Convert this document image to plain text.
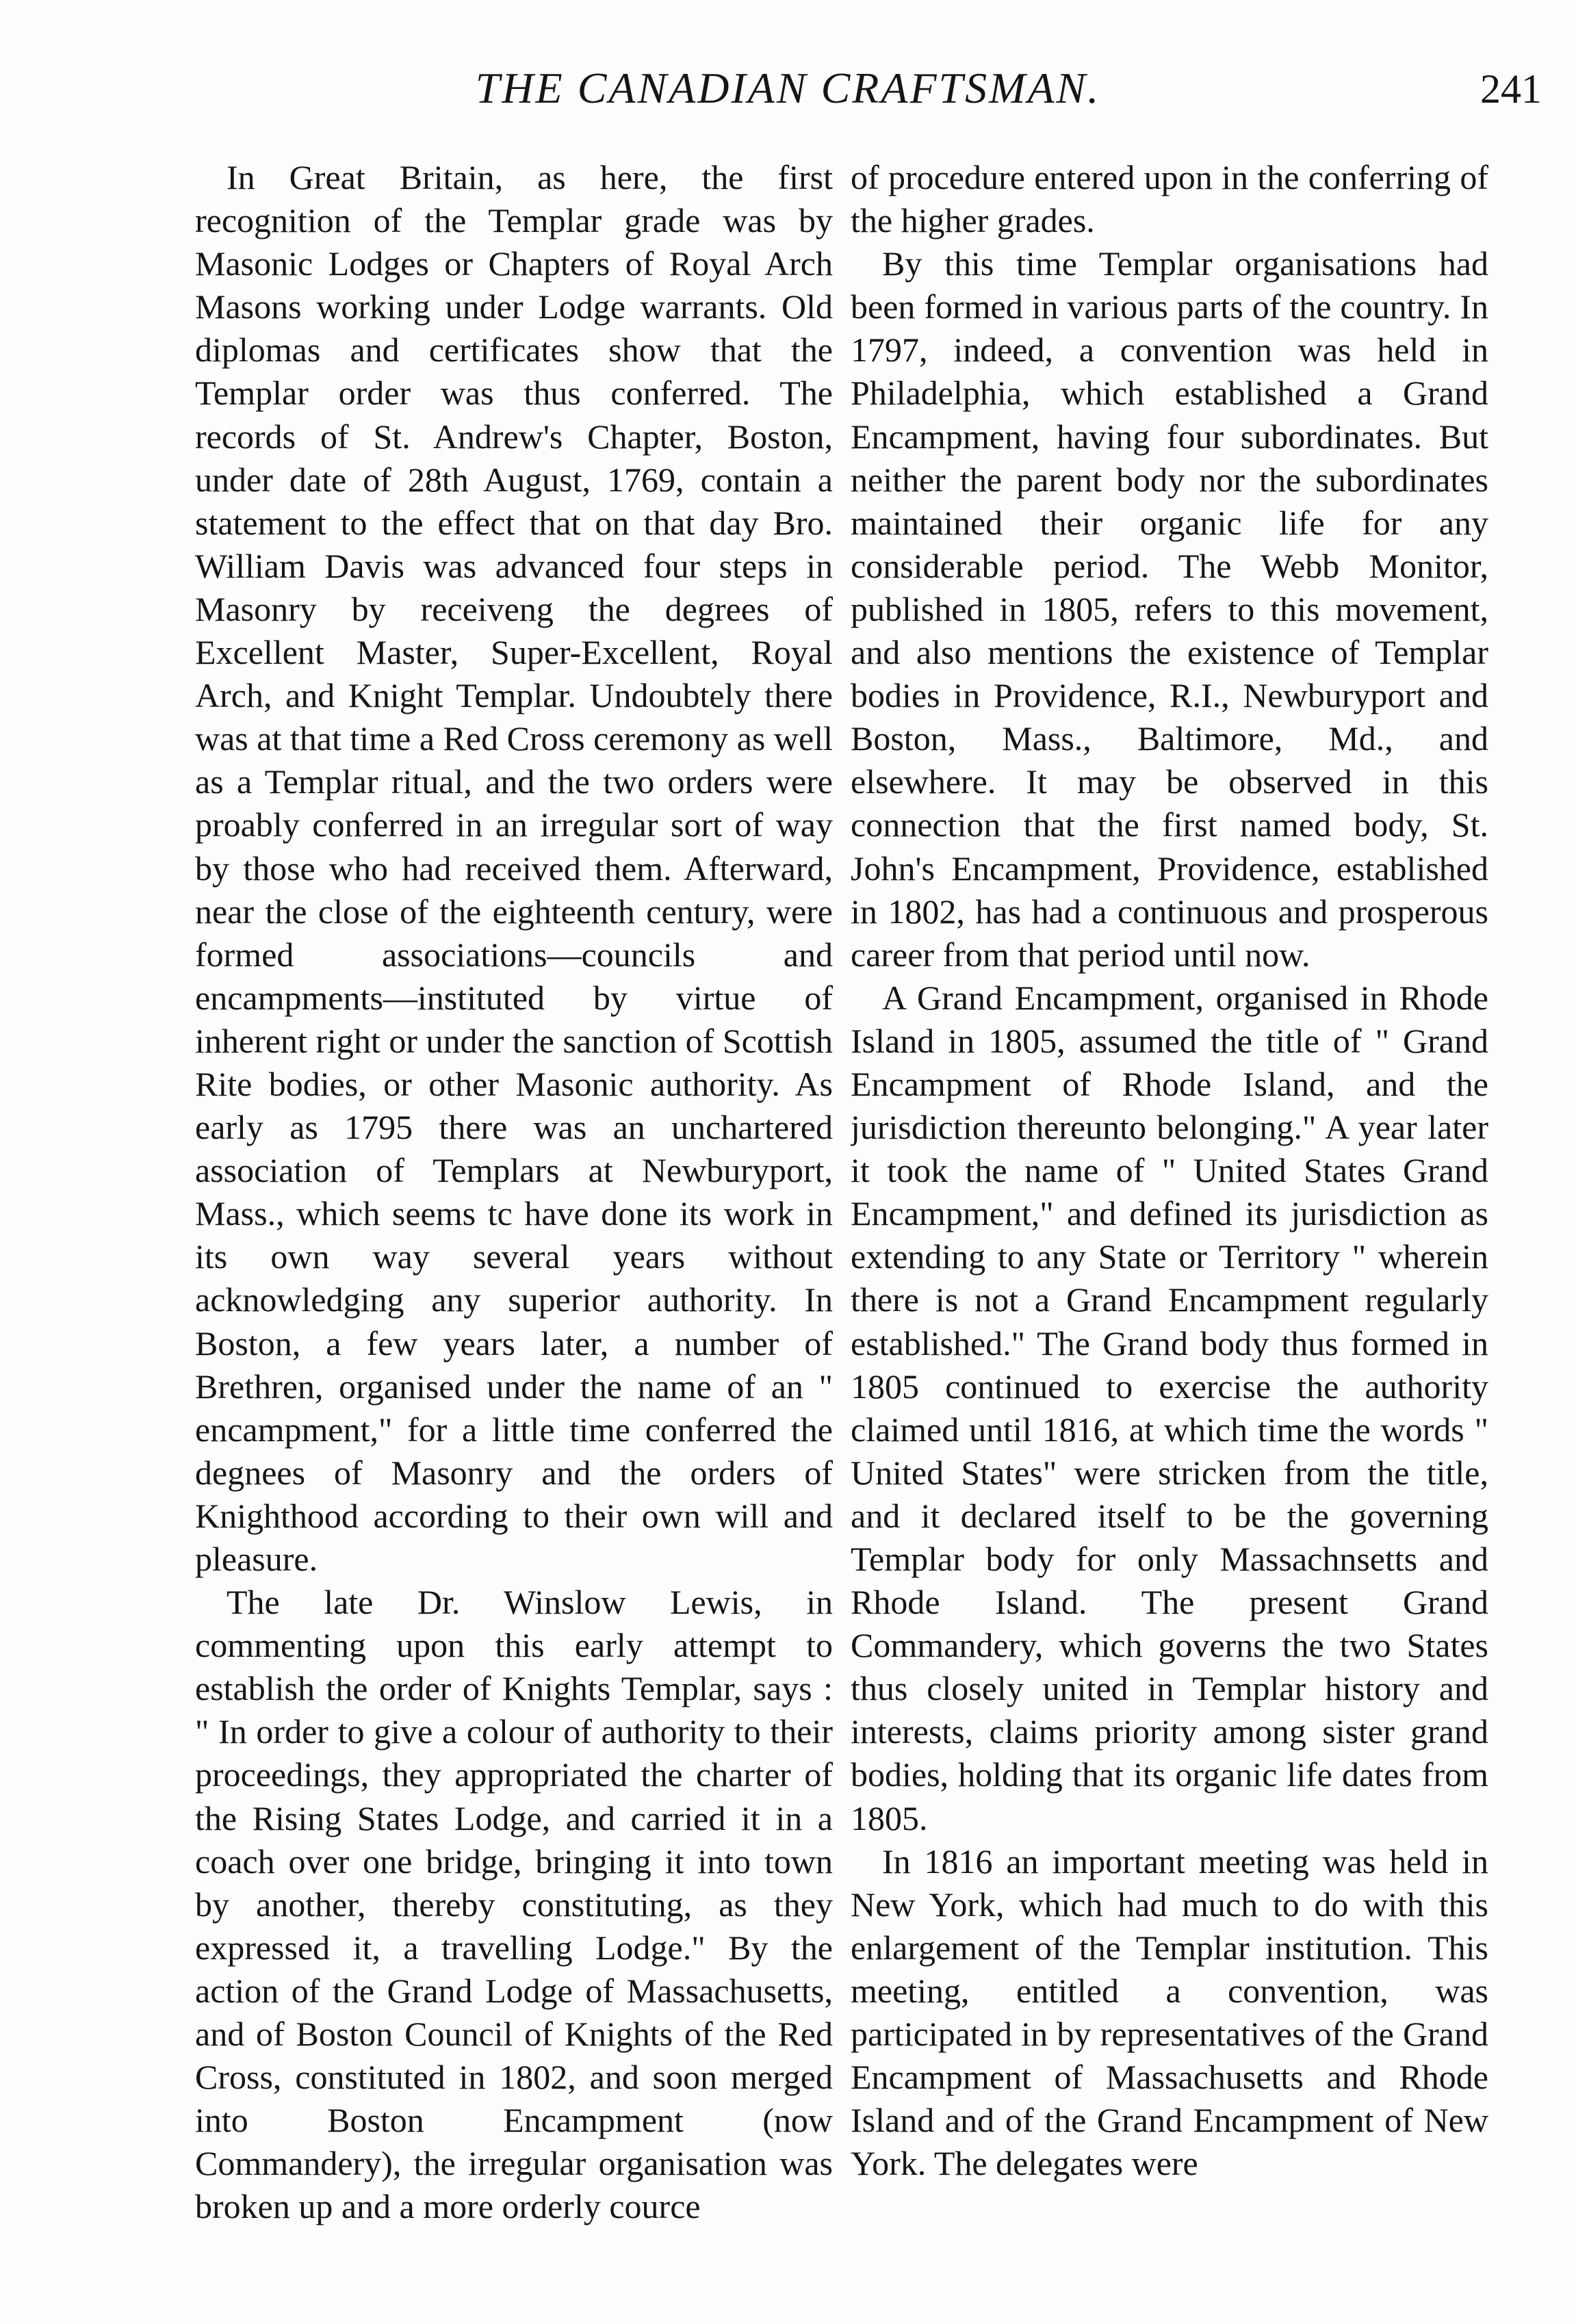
THE CANADIAN CRAFTSMAN.	241

In Great Britain, as here, the first recognition of the Templar grade was by Masonic Lodges or Chapters of Royal Arch Masons working under Lodge warrants. Old diplomas and certificates show that the Templar order was thus conferred. The records of St. Andrew's Chapter, Boston, under date of 28th August, 1769, contain a statement to the effect that on that day Bro. William Davis was advanced four steps in Masonry by receiveng the degrees of Excellent Master, Super-Excellent, Royal Arch, and Knight Templar. Undoubtely there was at that time a Red Cross ceremony as well as a Templar ritual, and the two orders were proably conferred in an irregular sort of way by those who had received them. Afterward, near the close of the eighteenth century, were formed associations—councils and encampments—instituted by virtue of inherent right or under the sanction of Scottish Rite bodies, or other Masonic authority. As early as 1795 there was an unchartered association of Templars at Newburyport, Mass., which seems tc have done its work in its own way several years without acknowledging any superior authority. In Boston, a few years later, a number of Brethren, organised under the name of an " encampment," for a little time conferred the degnees of Masonry and the orders of Knighthood according to their own will and pleasure.

The late Dr. Winslow Lewis, in commenting upon this early attempt to establish the order of Knights Templar, says : " In order to give a colour of authority to their proceedings, they appropriated the charter of the Rising States Lodge, and carried it in a coach over one bridge, bringing it into town by another, thereby constituting, as they expressed it, a travelling Lodge." By the action of the Grand Lodge of Massachusetts, and of Boston Council of Knights of the Red Cross, constituted in 1802, and soon merged into Boston Encampment (now Commandery), the irregular organisation was broken up and a more orderly cource

of procedure entered upon in the conferring of the higher grades.

By this time Templar organisations had been formed in various parts of the country. In 1797, indeed, a convention was held in Philadelphia, which established a Grand Encampment, having four subordinates. But neither the parent body nor the subordinates maintained their organic life for any considerable period. The Webb Monitor, published in 1805, refers to this movement, and also mentions the existence of Templar bodies in Providence, R.I., Newburyport and Boston, Mass., Baltimore, Md., and elsewhere. It may be observed in this connection that the first named body, St. John's Encampment, Providence, established in 1802, has had a continuous and prosperous career from that period until now.

A Grand Encampment, organised in Rhode Island in 1805, assumed the title of " Grand Encampment of Rhode Island, and the jurisdiction thereunto belonging." A year later it took the name of " United States Grand Encampment," and defined its jurisdiction as extending to any State or Territory " wherein there is not a Grand Encampment regularly established." The Grand body thus formed in 1805 continued to exercise the authority claimed until 1816, at which time the words " United States" were stricken from the title, and it declared itself to be the governing Templar body for only Massachnsetts and Rhode Island. The present Grand Commandery, which governs the two States thus closely united in Templar history and interests, claims priority among sister grand bodies, holding that its organic life dates from 1805.

In 1816 an important meeting was held in New York, which had much to do with this enlargement of the Templar institution. This meeting, entitled a convention, was participated in by representatives of the Grand Encampment of Massachusetts and Rhode Island and of the Grand Encampment of New York. The delegates were
